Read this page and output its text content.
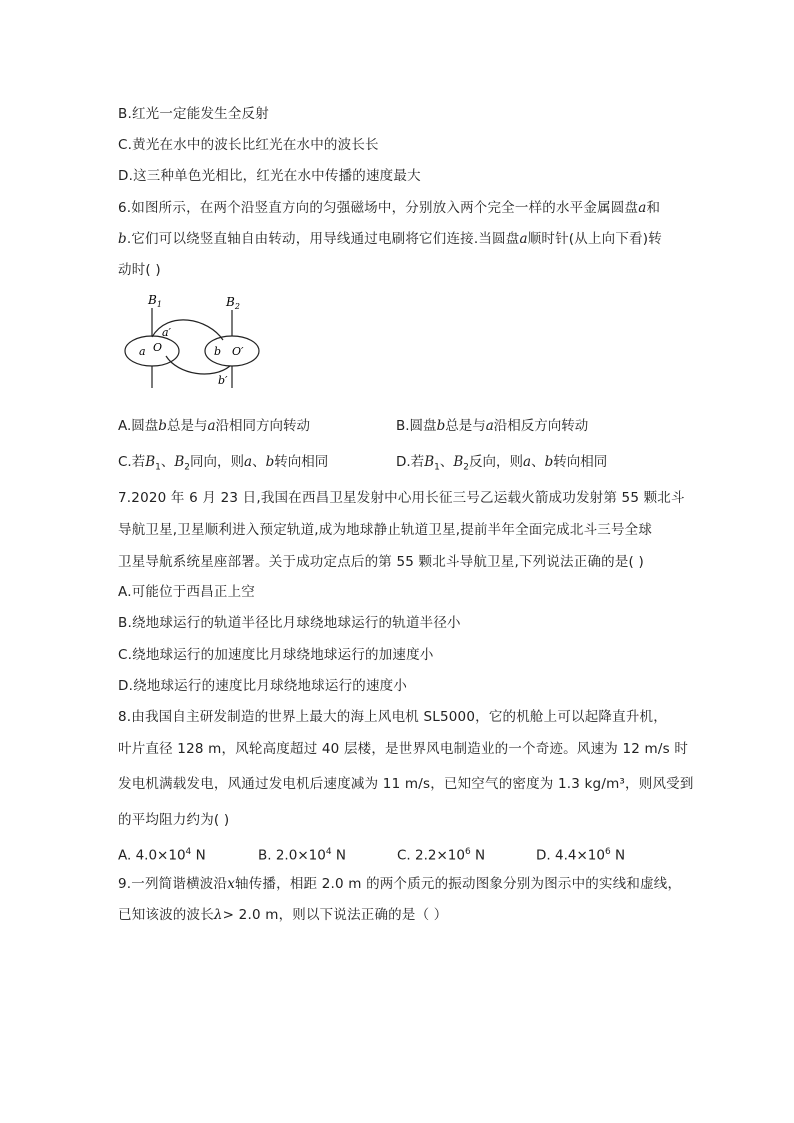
B.红光一定能发生全反射
C.黄光在水中的波长比红光在水中的波长长
D.这三种单色光相比，红光在水中传播的速度最大
6.如图所示，在两个沿竖直方向的匀强磁场中，分别放入两个完全一样的水平金属圆盘a和
b.它们可以绕竖直轴自由转动，用导线通过电刷将它们连接.当圆盘a顺时针(从上向下看)转
动时( )
$B_1$	$B_2$
a O
a′
b O′
b′
A.圆盘b总是与a沿相同方向转动	B.圆盘b总是与a沿相反方向转动
C.若$B_1$、$B_2$同向，则a、b转向相同	D.若$B_1$、$B_2$反向，则a、b转向相同
7.2020 年 6 月 23 日,我国在西昌卫星发射中心用长征三号乙运载火箭成功发射第 55 颗北斗
导航卫星,卫星顺利进入预定轨道,成为地球静止轨道卫星,提前半年全面完成北斗三号全球
卫星导航系统星座部署。关于成功定点后的第 55 颗北斗导航卫星,下列说法正确的是( )
A.可能位于西昌正上空
B.绕地球运行的轨道半径比月球绕地球运行的轨道半径小
C.绕地球运行的加速度比月球绕地球运行的加速度小
D.绕地球运行的速度比月球绕地球运行的速度小
8.由我国自主研发制造的世界上最大的海上风电机 SL5000，它的机舱上可以起降直升机，
叶片直径 128 m，风轮高度超过 40 层楼，是世界风电制造业的一个奇迹。风速为 12 m/s 时
发电机满载发电，风通过发电机后速度减为 11 m/s，已知空气的密度为 1.3 kg/m³，则风受到
的平均阻力约为( )
A. $4.0\times 10^4$ N	B. $2.0\times 10^4$ N	C. $2.2\times 10^6$ N	D. $4.4\times 10^6$ N
9.一列简谐横波沿x轴传播，相距 2.0 m 的两个质元的振动图象分别为图示中的实线和虚线，
已知该波的波长λ> 2.0 m，则以下说法正确的是（ ）
